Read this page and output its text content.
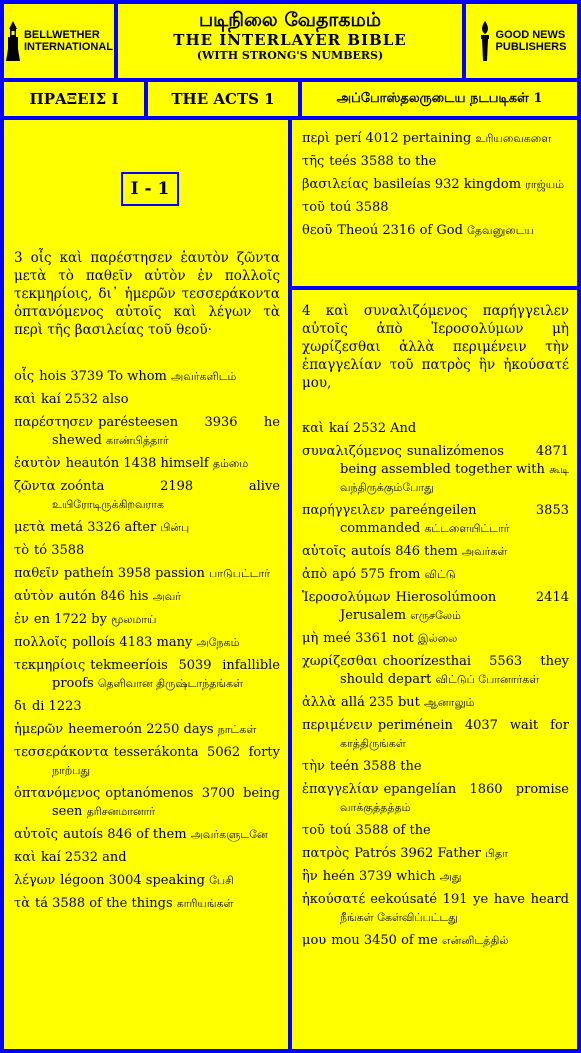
BELLWETHER
INTERNATIONAL
படிநிலை வேதாகமம்
THE INTERLAYER BIBLE
(WITH STRONG'S NUMBERS)
GOOD NEWS
PUBLISHERS
ΠΡΑΞΕΙΣ Ι	THE ACTS 1	அப்போஸ்தலருடைய நடபடிகள் 1
I - 1
3 οἷς καὶ παρέστησεν ἑαυτὸν ζῶντα μετὰ τὸ παθεῖν αὐτὸν ἐν πολλοῖς τεκμηρίοις, δι᾽ ἡμερῶν τεσσεράκοντα ὀπτανόμενος αὐτοῖς καὶ λέγων τὰ περὶ τῆς βασιλείας τοῦ θεοῦ·
οἷς hois 3739 To whom அவர்களிடம்
καὶ kaí 2532 also
παρέστησεν parésteesen 3936 he shewed காண்பித்தார்
ἑαυτὸν heautón 1438 himself தம்மை
ζῶντα zoónta 2198 alive உயிரோடிருக்கிறவராக
μετὰ metá 3326 after பின்பு
τὸ tó 3588
παθεῖν patheín 3958 passion பாடுபட்டார்
αὐτὸν autón 846 his அவர்
ἐν en 1722 by மூலமாய்
πολλοῖς polloís 4183 many அநேகம்
τεκμηρίοις tekmeeríois 5039 infallible proofs தெளிவான திருஷ்டாந்தங்கள்
δι di 1223
ἡμερῶν heemeroón 2250 days நாட்கள்
τεσσεράκοντα tesserákonta 5062 forty நாற்பது
ὀπτανόμενος optanómenos 3700 being seen தரிசனமானார்
αὐτοῖς autoís 846 of them அவர்களுடனே
καὶ kaí 2532 and
λέγων légoon 3004 speaking பேசி
τὰ tá 3588 of the things காரியங்கள்
περὶ perí 4012 pertaining உரியவைகளை
τῆς teés 3588 to the
βασιλείας basileías 932 kingdom ராஜ்யம்
τοῦ toú 3588
θεοῦ Theoú 2316 of God தேவனுடைய
4 καὶ συναλιζόμενος παρήγγειλεν αὐτοῖς ἀπὸ Ἱεροσολύμων μὴ χωρίζεσθαι ἀλλὰ περιμένειν τὴν ἐπαγγελίαν τοῦ πατρὸς ἣν ἠκούσατέ μου,
καὶ kaí 2532 And
συναλιζόμενος sunalizómenos 4871 being assembled together with கூடி வந்திருக்கும்போது
παρήγγειλεν pareéngeilen 3853 commanded கட்டளையிட்டார்
αὐτοῖς autoís 846 them அவர்கள்
ἀπὸ apó 575 from விட்டு
Ἱεροσολύμων Hierosolúmoon 2414 Jerusalem எருசலேம்
μὴ meé 3361 not இல்லை
χωρίζεσθαι choorízesthai 5563 they should depart விட்டுப் போனார்கள்
ἀλλὰ allá 235 but ஆனாலும்
περιμένειν periménein 4037 wait for காத்திருங்கள்
τὴν teén 3588 the
ἐπαγγελίαν epangelían 1860 promise வாக்குத்தத்தம்
τοῦ toú 3588 of the
πατρὸς Patrós 3962 Father பிதா
ἣν heén 3739 which அது
ἠκούσατέ eekoúsaté 191 ye have heard நீங்கள் கேள்விப்பட்டது
μου mou 3450 of me என்னிடத்தில்
